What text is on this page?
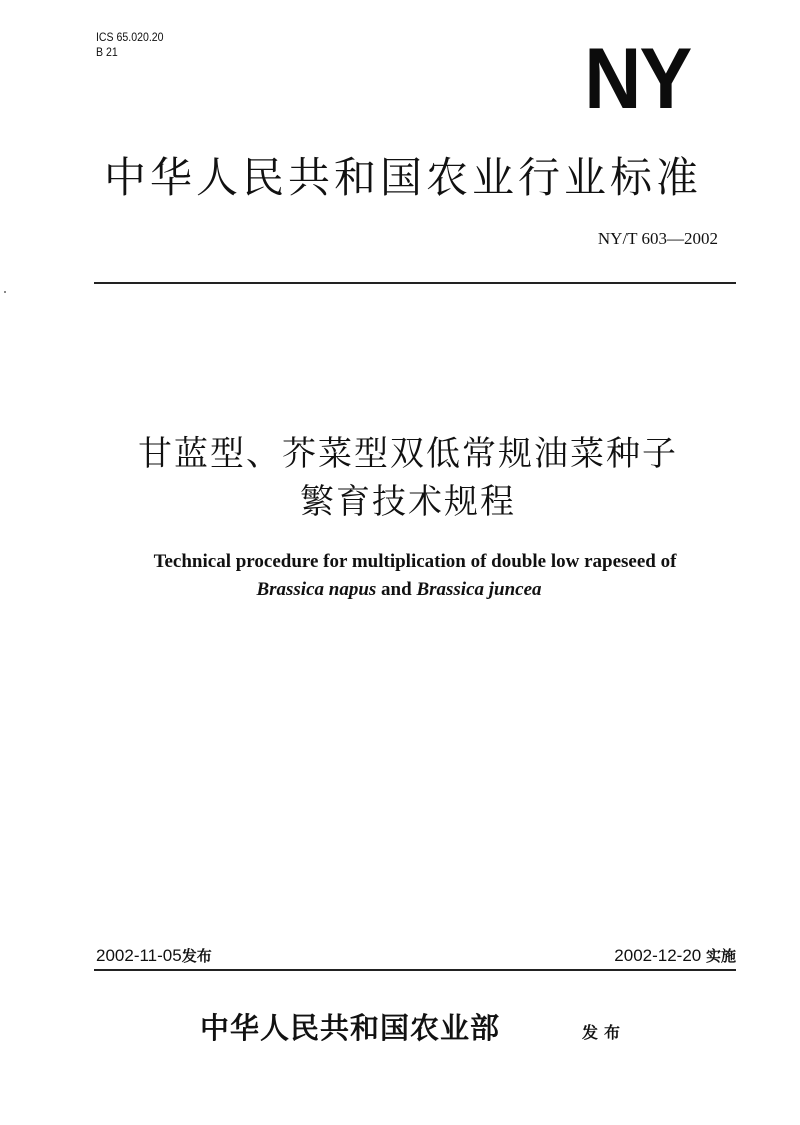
ICS 65.020.20
B 21	NY
中华人民共和国农业行业标准
NY/T 603—2002
甘蓝型、芥菜型双低常规油菜种子
繁育技术规程
Technical procedure for multiplication of double low rapeseed of
Brassica napus and Brassica juncea
2002-11-05发布	2002-12-20 实施
中华人民共和国农业部	发布
